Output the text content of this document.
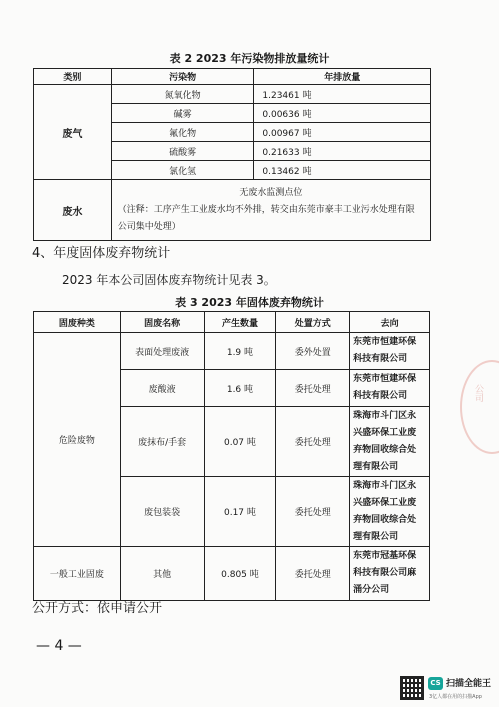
表 2 2023 年污染物排放量统计
类别	污染物	年排放量
废气	氮氧化物	1.23461 吨
	碱雾	0.00636 吨
	氟化物	0.00967 吨
	硫酸雾	0.21633 吨
	氯化氢	0.13462 吨
废水	无废水监测点位
（注释：工序产生工业废水均不外排，转交由东莞市豪丰工业污水处理有限
公司集中处理）	
4、年度固体废弃物统计
2023 年本公司固体废弃物统计见表 3。
表 3 2023 年固体废弃物统计
固废种类	固废名称	产生数量	处置方式	去向
危险废物	表面处理废液	1.9 吨	委外处置	东莞市恒建环保
科技有限公司
	废酸液	1.6 吨	委托处理	东莞市恒建环保
科技有限公司
	废抹布/手套	0.07 吨	委托处理	珠海市斗门区永
兴盛环保工业废
弃物回收综合处
理有限公司
	废包装袋	0.17 吨	委托处理	珠海市斗门区永
兴盛环保工业废
弃物回收综合处
理有限公司
一般工业固废	其他	0.805 吨	委托处理	东莞市冠基环保
科技有限公司麻
涌分公司
公司
公开方式：依申请公开
— 4 —
CS 扫描全能王
3亿人都在用的扫描App
